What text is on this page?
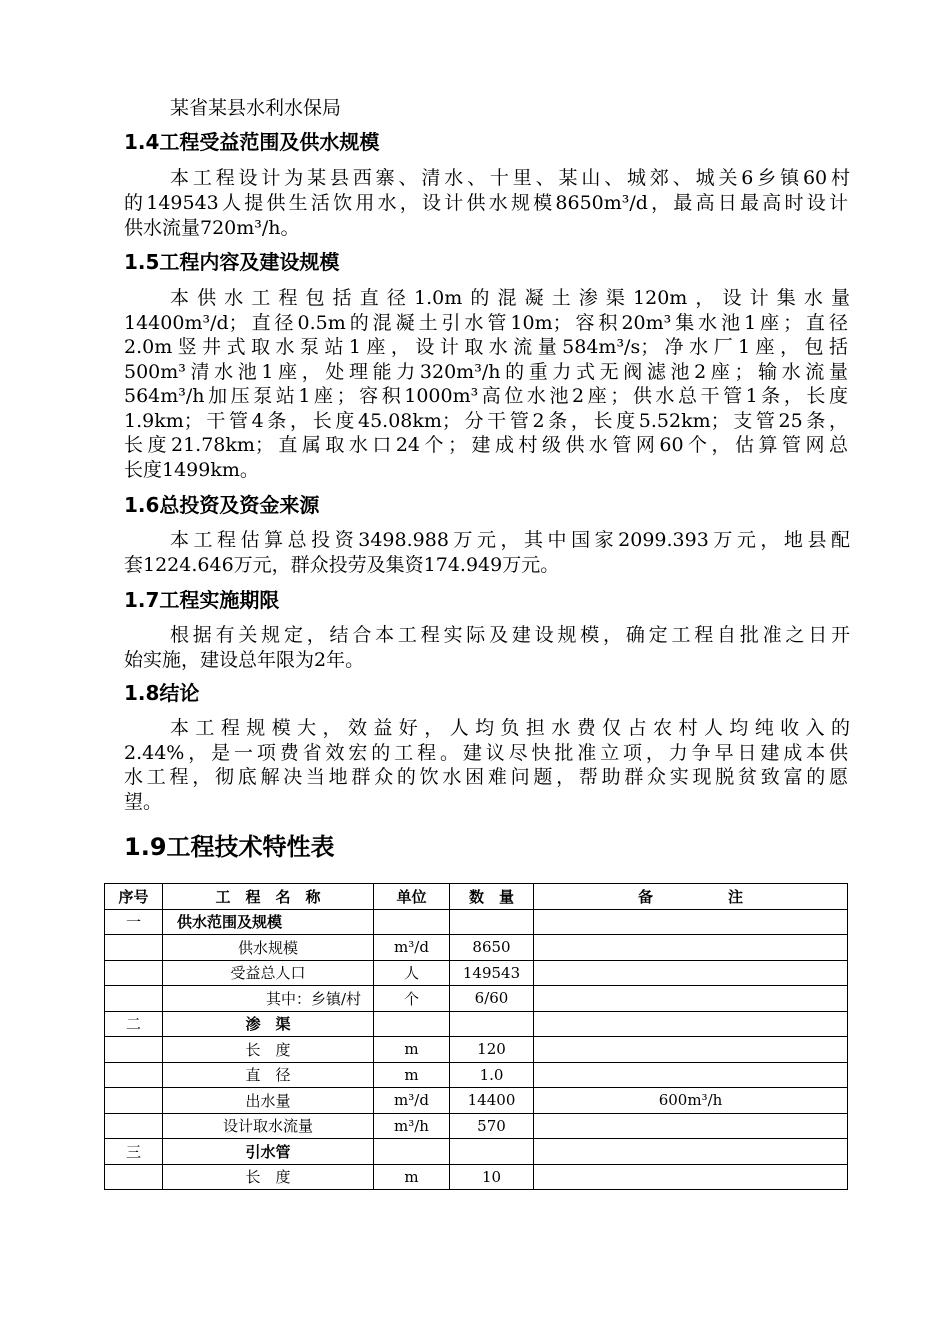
某省某县水利水保局
1.4工程受益范围及供水规模
本工程设计为某县西寨、清水、十里、某山、城郊、城关6乡镇60村
的149543人提供生活饮用水，设计供水规模8650m³/d，最高日最高时设计
供水流量720m³/h。
1.5工程内容及建设规模
本供水工程包括直径1.0m的混凝土渗渠120m，设计集水量
14400m³/d；直径0.5m的混凝土引水管10m；容积20m³集水池1座；直径
2.0m竖井式取水泵站1座，设计取水流量584m³/s；净水厂1座，包括
500m³清水池1座，处理能力320m³/h的重力式无阀滤池2座；输水流量
564m³/h加压泵站1座；容积1000m³高位水池2座；供水总干管1条，长度
1.9km；干管4条，长度45.08km；分干管2条，长度5.52km；支管25条，
长度21.78km；直属取水口24个；建成村级供水管网60个，估算管网总
长度1499km。
1.6总投资及资金来源
本工程估算总投资3498.988万元，其中国家2099.393万元，地县配
套1224.646万元，群众投劳及集资174.949万元。
1.7工程实施期限
根据有关规定，结合本工程实际及建设规模，确定工程自批准之日开
始实施，建设总年限为2年。
1.8结论
本工程规模大，效益好，人均负担水费仅占农村人均纯收入的
2.44%，是一项费省效宏的工程。建议尽快批准立项，力争早日建成本供
水工程，彻底解决当地群众的饮水困难问题，帮助群众实现脱贫致富的愿
望。
1.9工程技术特性表
序号	工　程　名　称	单位	数　量	备　　　　　注
一	供水范围及规模			
	供水规模	m³/d	8650	
	受益总人口	人	149543	
	其中：乡镇/村	个	6/60	
二	渗　渠			
	长　度	m	120	
	直　径	m	1.0	
	出水量	m³/d	14400	600m³/h
	设计取水流量	m³/h	570	
三	引水管			
	长　度	m	10	
